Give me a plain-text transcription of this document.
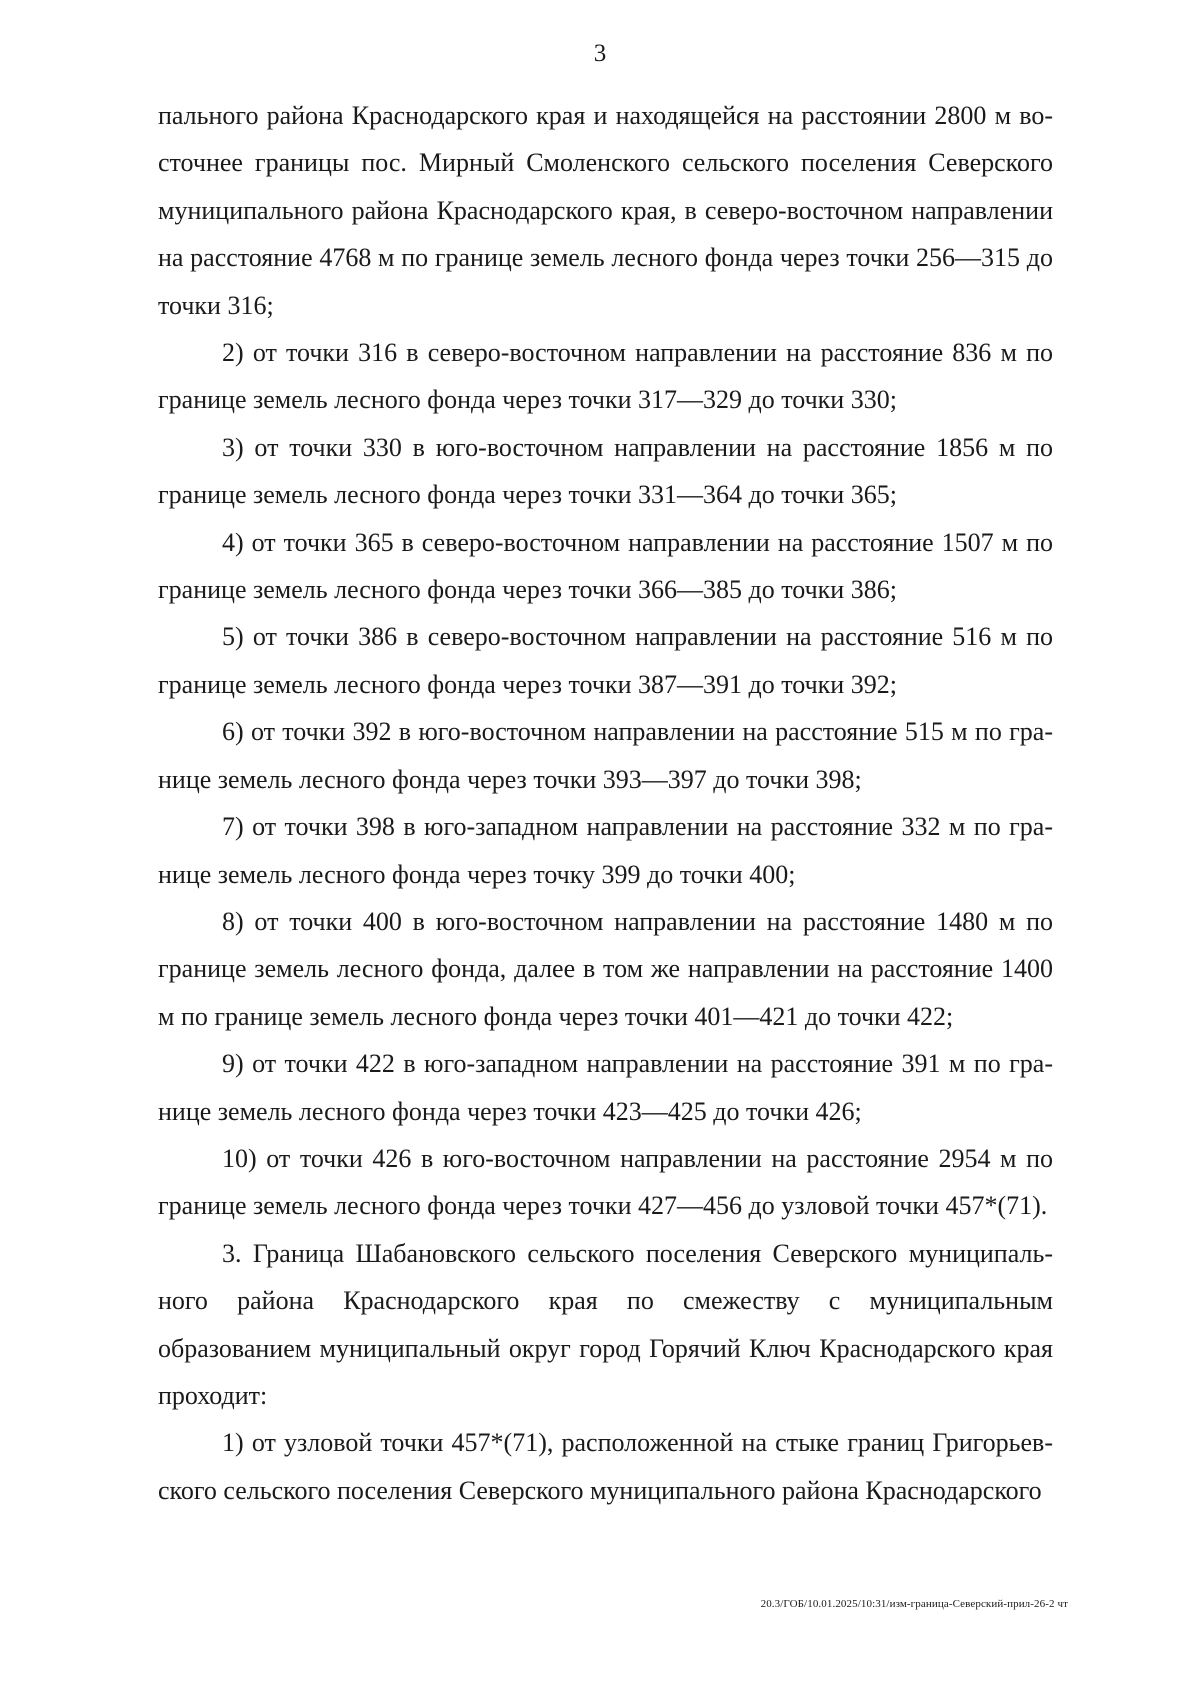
3

пального района Краснодарского края и находящейся на расстоянии 2800 м восточнее границы пос. Мирный Смоленского сельского поселения Северского муниципального района Краснодарского края, в северо-восточном направлении на расстояние 4768 м по границе земель лесного фонда через точки 256—315 до точки 316;

2) от точки 316 в северо-восточном направлении на расстояние 836 м по границе земель лесного фонда через точки 317—329 до точки 330;

3) от точки 330 в юго-восточном направлении на расстояние 1856 м по границе земель лесного фонда через точки 331—364 до точки 365;

4) от точки 365 в северо-восточном направлении на расстояние 1507 м по границе земель лесного фонда через точки 366—385 до точки 386;

5) от точки 386 в северо-восточном направлении на расстояние 516 м по границе земель лесного фонда через точки 387—391 до точки 392;

6) от точки 392 в юго-восточном направлении на расстояние 515 м по границе земель лесного фонда через точки 393—397 до точки 398;

7) от точки 398 в юго-западном направлении на расстояние 332 м по границе земель лесного фонда через точку 399 до точки 400;

8) от точки 400 в юго-восточном направлении на расстояние 1480 м по границе земель лесного фонда, далее в том же направлении на расстояние 1400 м по границе земель лесного фонда через точки 401—421 до точки 422;

9) от точки 422 в юго-западном направлении на расстояние 391 м по границе земель лесного фонда через точки 423—425 до точки 426;

10) от точки 426 в юго-восточном направлении на расстояние 2954 м по границе земель лесного фонда через точки 427—456 до узловой точки 457*(71).

3. Граница Шабановского сельского поселения Северского муниципального района Краснодарского края по смежеству с муниципальным образованием муниципальный округ город Горячий Ключ Краснодарского края проходит:

1) от узловой точки 457*(71), расположенной на стыке границ Григорьевского сельского поселения Северского муниципального района Краснодарского

20.3/ГОБ/10.01.2025/10:31/изм-граница-Северский-прил-26-2 чт
